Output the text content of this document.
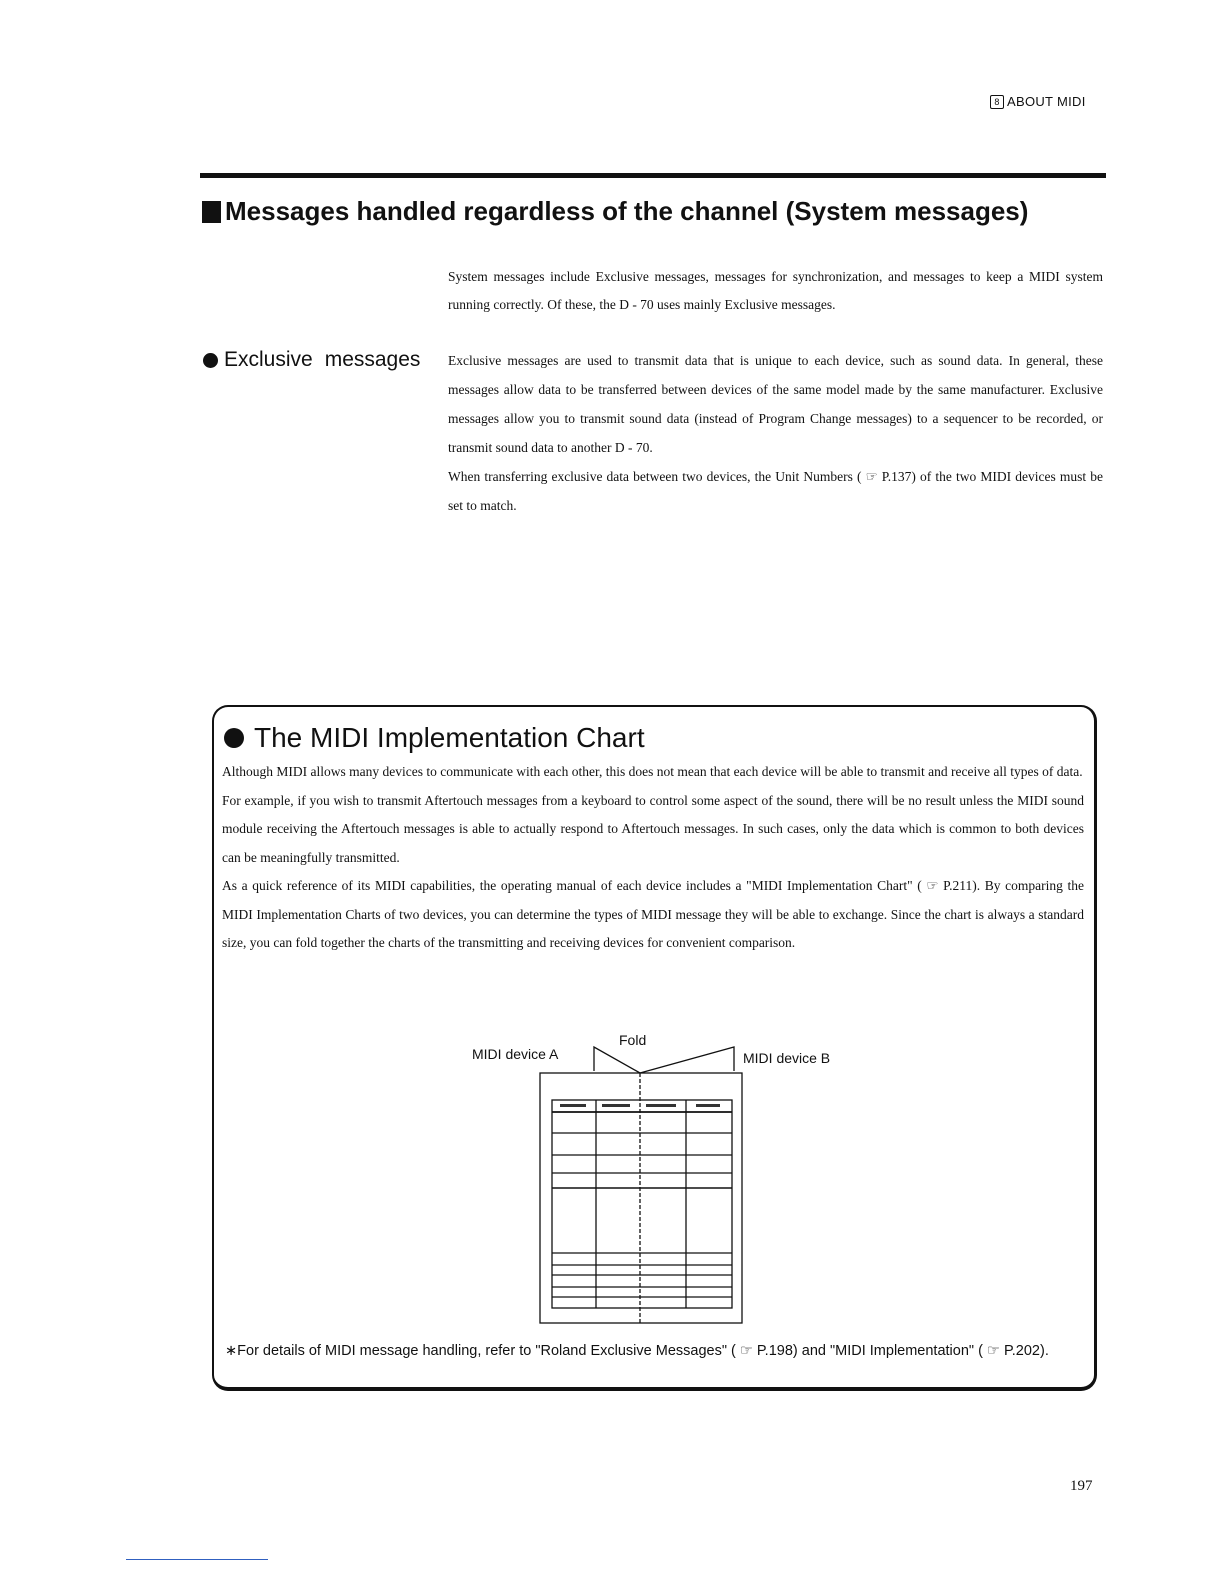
8 ABOUT MIDI
Messages handled regardless of the channel (System messages)
System messages include Exclusive messages, messages for synchronization, and messages to keep a MIDI system running correctly. Of these, the D - 70 uses mainly Exclusive messages.
Exclusive messages Exclusive messages are used to transmit data that is unique to each device, such as sound data. In general, these messages allow data to be transferred between devices of the same model made by the same manufacturer. Exclusive messages allow you to transmit sound data (instead of Program Change messages) to a sequencer to be recorded, or transmit sound data to another D - 70.

When transferring exclusive data between two devices, the Unit Numbers ( ☞ P.137) of the two MIDI devices must be set to match.

The MIDI Implementation Chart

Although MIDI allows many devices to communicate with each other, this does not mean that each device will be able to transmit and receive all types of data.

For example, if you wish to transmit Aftertouch messages from a keyboard to control some aspect of the sound, there will be no result unless the MIDI sound module receiving the Aftertouch messages is able to actually respond to Aftertouch messages. In such cases, only the data which is common to both devices can be meaningfully transmitted.

As a quick reference of its MIDI capabilities, the operating manual of each device includes a "MIDI Implementation Chart" ( ☞ P.211). By comparing the MIDI Implementation Charts of two devices, you can determine the types of MIDI message they will be able to exchange. Since the chart is always a standard size, you can fold together the charts of the transmitting and receiving devices for convenient comparison.

MIDI device A	MIDI device B
Fold
∗For details of MIDI message handling, refer to "Roland Exclusive Messages" ( ☞ P.198) and "MIDI Implementation" ( ☞ P.202).
197
